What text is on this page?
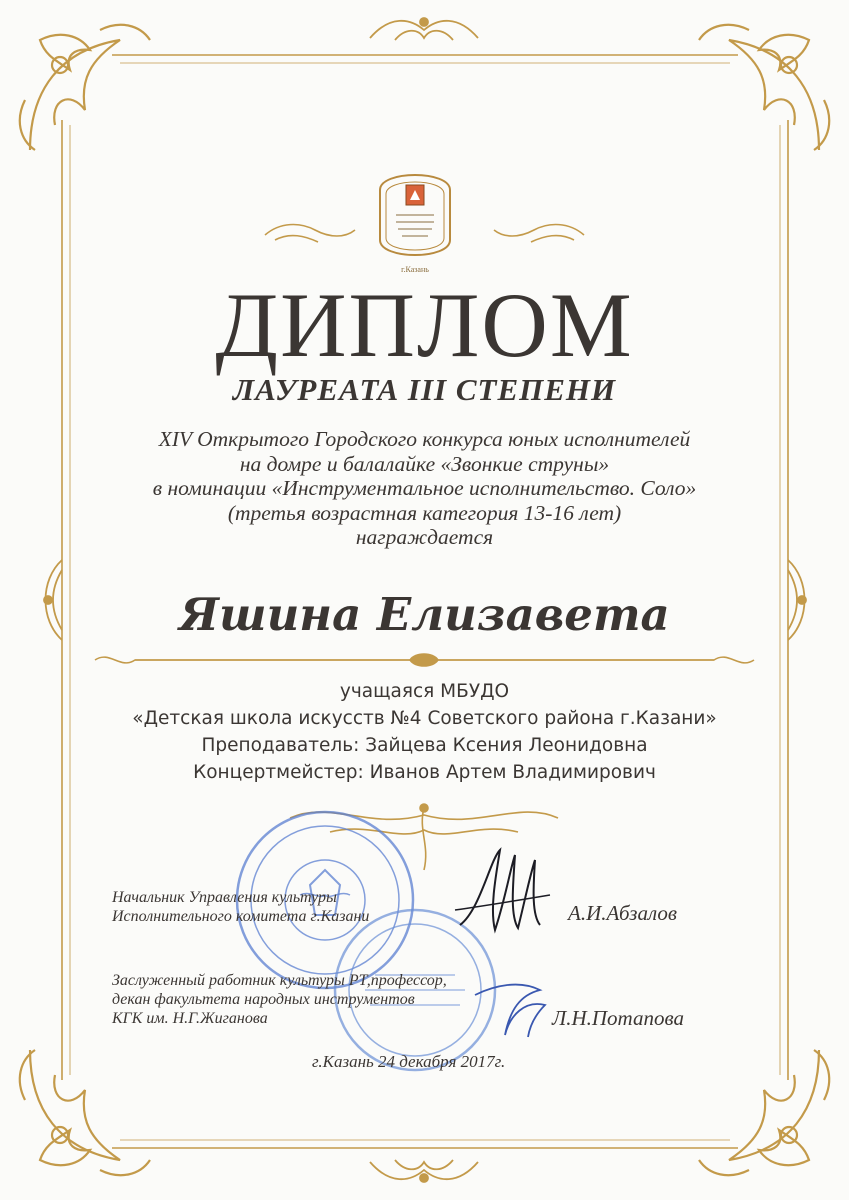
г.Казань
ДИПЛОМ
ЛАУРЕАТА III СТЕПЕНИ
XIV Открытого Городского конкурса юных исполнителей
на домре и балалайке «Звонкие струны»
в номинации «Инструментальное исполнительство. Соло»
(третья возрастная категория 13-16 лет)
награждается
Яшина Елизавета
учащаяся МБУДО
«Детская школа искусств №4 Советского района г.Казани»
Преподаватель: Зайцева Ксения Леонидовна
Концертмейстер: Иванов Артем Владимирович
Начальник Управления культуры
Исполнительного комитета г.Казани	А.И.Абзалов
Заслуженный работник культуры РТ,профессор,
декан факультета народных инструментов
КГК им. Н.Г.Жиганова	Л.Н.Потапова
г.Казань 24 декабря 2017г.
